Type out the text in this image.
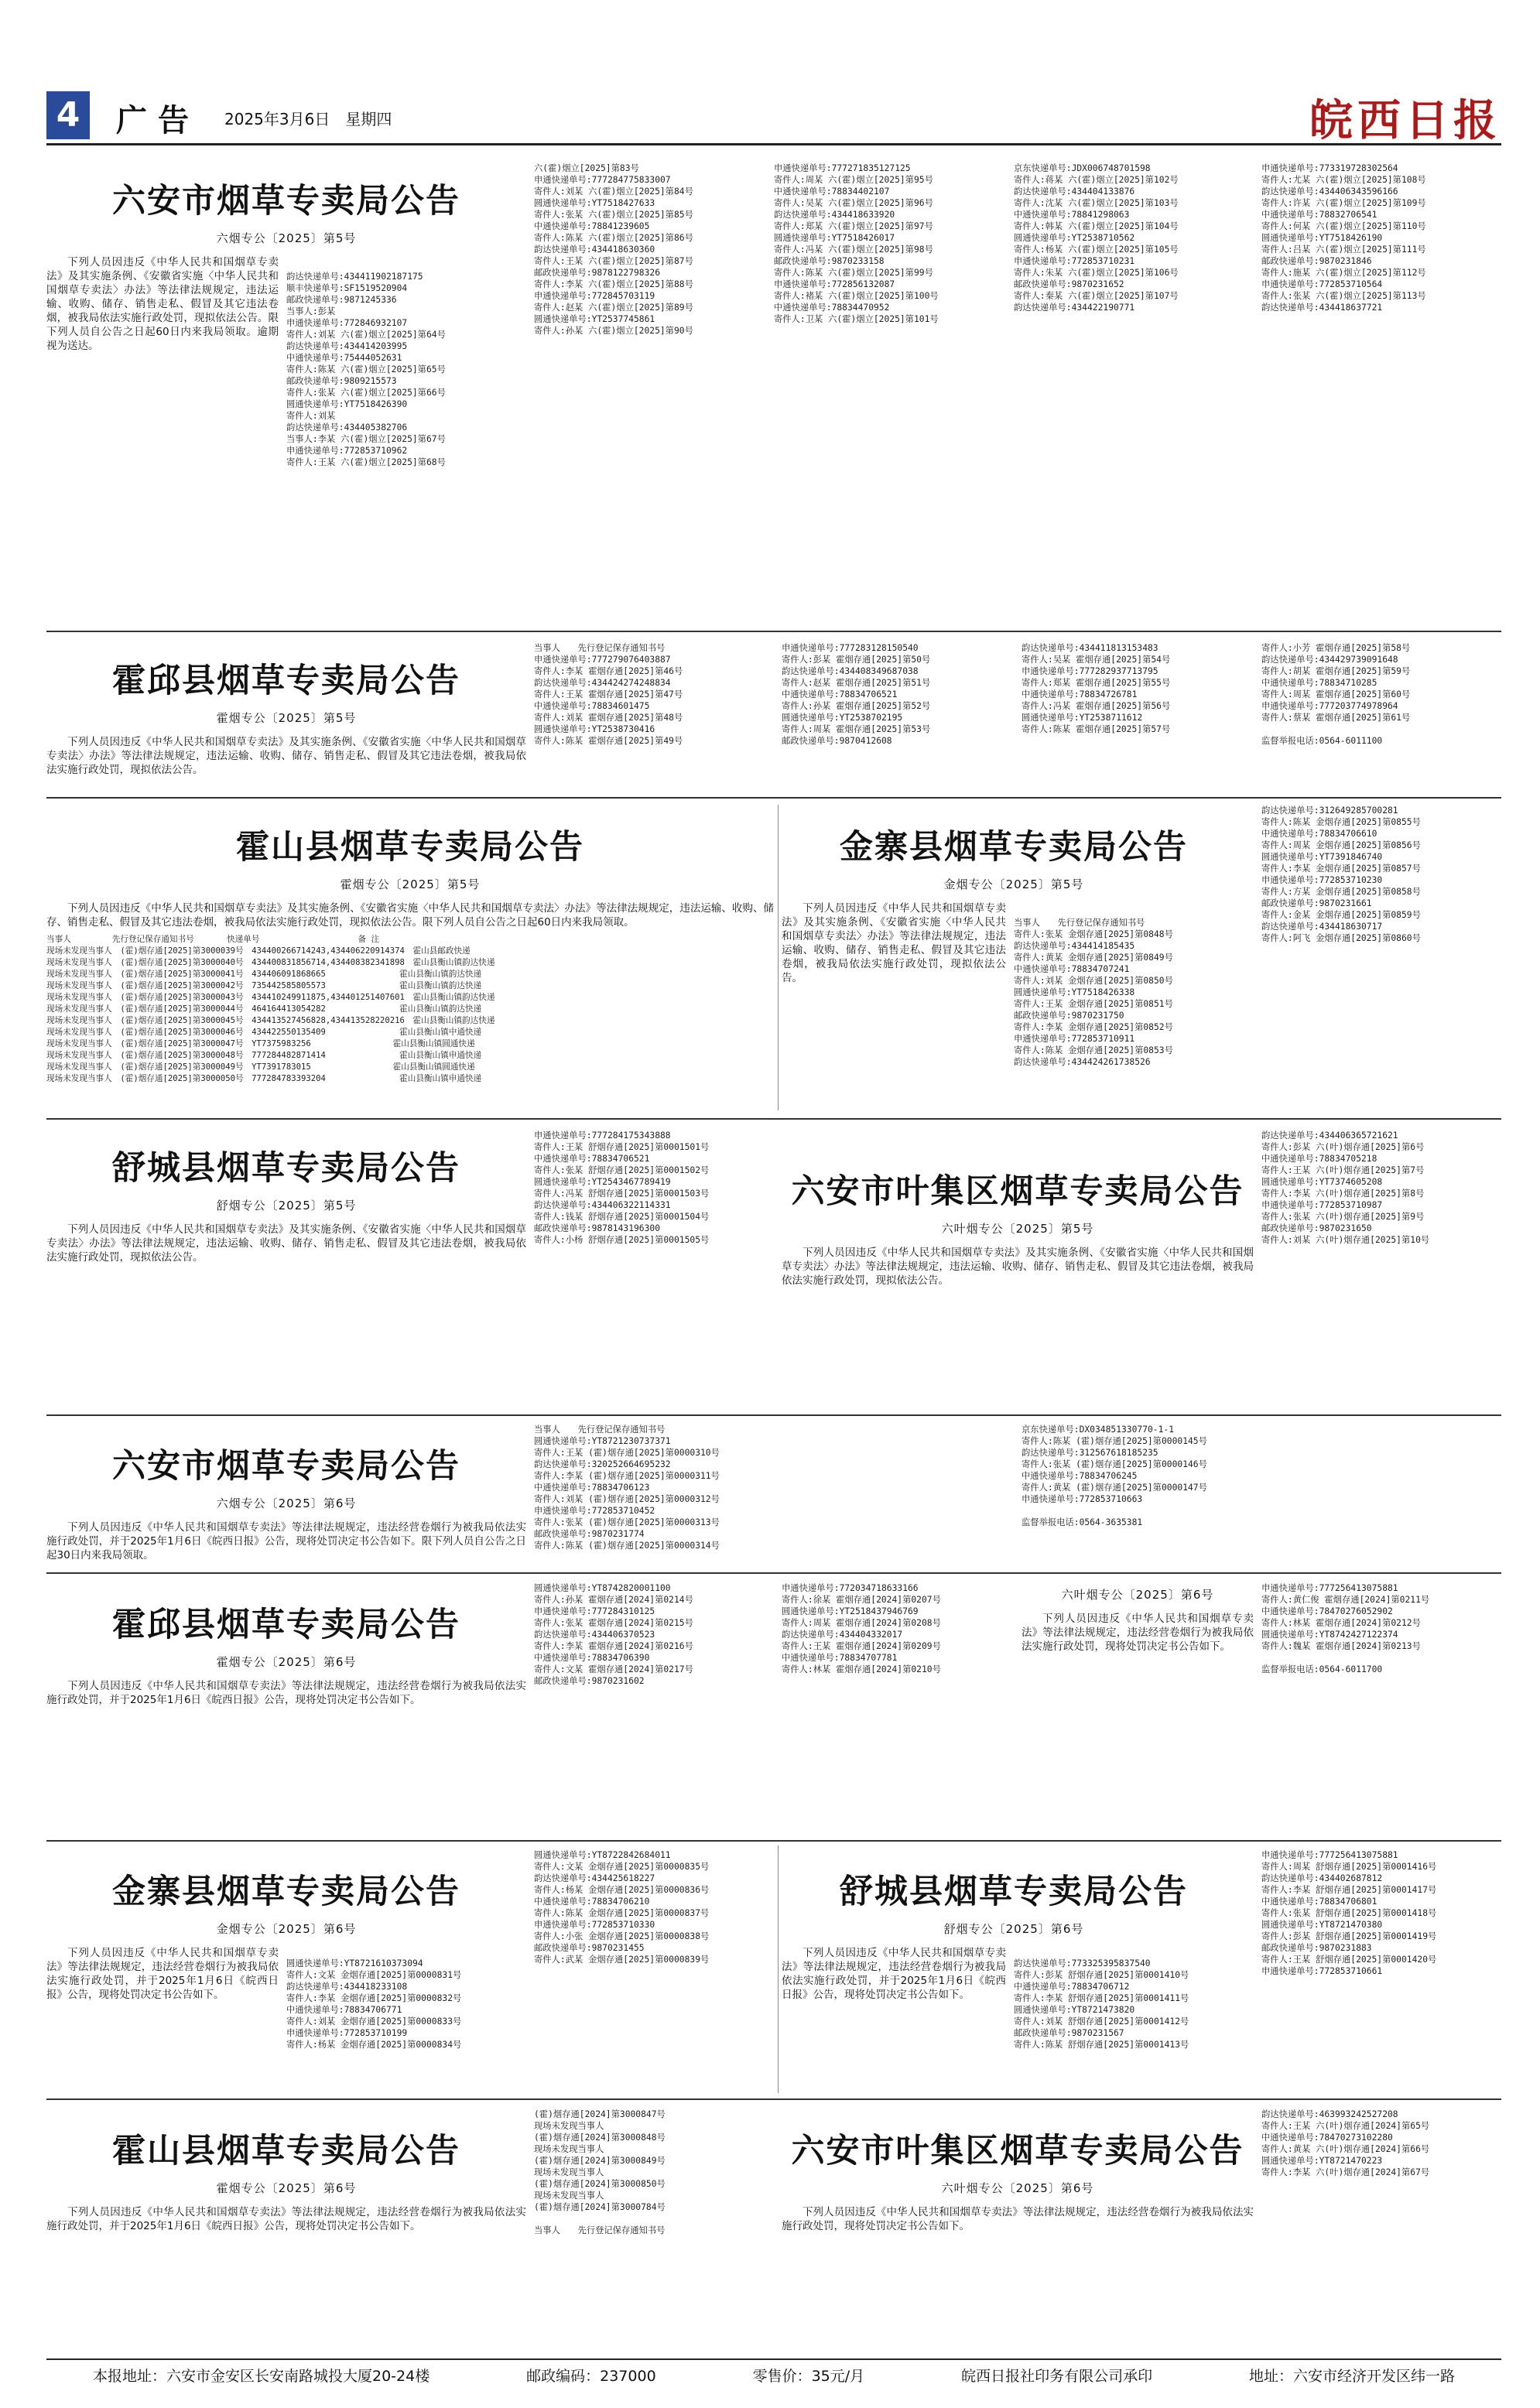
4	广告 2025年3月6日　星期四	皖西日报
六安市烟草专卖局公告
六烟专公〔2025〕第5号
下列人员因违反《中华人民共和国烟草专卖法》及其实施条例、《安徽省实施〈中华人民共和国烟草专卖法〉办法》等法律法规规定，违法运输、收购、储存、销售走私、假冒及其它违法卷烟，被我局依法实施行政处罚，现拟依法公告。限下列人员自公告之日起60日内来我局领取。逾期视为送达。
韵达快递单号:434411902187175
顺丰快递单号:SF1519520904
邮政快递单号:9871245336
当事人:彭某
申通快递单号:772846932107
寄件人:刘某 六(霍)烟立[2025]第64号
韵达快递单号:434414203995
中通快递单号:75444052631
寄件人:陈某 六(霍)烟立[2025]第65号
邮政快递单号:9809215573
寄件人:张某 六(霍)烟立[2025]第66号
圆通快递单号:YT7518426390
寄件人:刘某
韵达快递单号:434405382706
当事人:李某 六(霍)烟立[2025]第67号
申通快递单号:772853710962
寄件人:王某 六(霍)烟立[2025]第68号
六(霍)烟立[2025]第83号
申通快递单号:777284775833007
寄件人:刘某 六(霍)烟立[2025]第84号
圆通快递单号:YT7518427633
寄件人:张某 六(霍)烟立[2025]第85号
中通快递单号:78841239605
寄件人:陈某 六(霍)烟立[2025]第86号
韵达快递单号:434418630360
寄件人:王某 六(霍)烟立[2025]第87号
邮政快递单号:9878122798326
寄件人:李某 六(霍)烟立[2025]第88号
申通快递单号:772845703119
寄件人:赵某 六(霍)烟立[2025]第89号
圆通快递单号:YT2537745861
寄件人:孙某 六(霍)烟立[2025]第90号
申通快递单号:777271835127125
寄件人:周某 六(霍)烟立[2025]第95号
中通快递单号:78834402107
寄件人:吴某 六(霍)烟立[2025]第96号
韵达快递单号:434418633920
寄件人:郑某 六(霍)烟立[2025]第97号
圆通快递单号:YT7518426017
寄件人:冯某 六(霍)烟立[2025]第98号
邮政快递单号:9870233158
寄件人:陈某 六(霍)烟立[2025]第99号
申通快递单号:772856132087
寄件人:褚某 六(霍)烟立[2025]第100号
中通快递单号:78834470952
寄件人:卫某 六(霍)烟立[2025]第101号
京东快递单号:JDX006748701598
寄件人:蒋某 六(霍)烟立[2025]第102号
韵达快递单号:434404133876
寄件人:沈某 六(霍)烟立[2025]第103号
中通快递单号:78841298063
寄件人:韩某 六(霍)烟立[2025]第104号
圆通快递单号:YT2538710562
寄件人:杨某 六(霍)烟立[2025]第105号
申通快递单号:772853710231
寄件人:朱某 六(霍)烟立[2025]第106号
邮政快递单号:9870231652
寄件人:秦某 六(霍)烟立[2025]第107号
韵达快递单号:434422190771
申通快递单号:773319728302564
寄件人:尤某 六(霍)烟立[2025]第108号
韵达快递单号:434406343596166
寄件人:许某 六(霍)烟立[2025]第109号
中通快递单号:78832706541
寄件人:何某 六(霍)烟立[2025]第110号
圆通快递单号:YT7518426190
寄件人:吕某 六(霍)烟立[2025]第111号
邮政快递单号:9870231846
寄件人:施某 六(霍)烟立[2025]第112号
申通快递单号:772853710564
寄件人:张某 六(霍)烟立[2025]第113号
韵达快递单号:434418637721
霍邱县烟草专卖局公告
霍烟专公〔2025〕第5号
下列人员因违反《中华人民共和国烟草专卖法》及其实施条例、《安徽省实施〈中华人民共和国烟草专卖法〉办法》等法律法规规定，违法运输、收购、储存、销售走私、假冒及其它违法卷烟，被我局依法实施行政处罚，现拟依法公告。
当事人　　先行登记保存通知书号
申通快递单号:777279076403887
寄件人:李某 霍烟存通[2025]第46号
韵达快递单号:434424274248834
寄件人:王某 霍烟存通[2025]第47号
中通快递单号:78834601475
寄件人:刘某 霍烟存通[2025]第48号
圆通快递单号:YT2538730416
寄件人:陈某 霍烟存通[2025]第49号
申通快递单号:777283128150540
寄件人:彭某 霍烟存通[2025]第50号
韵达快递单号:434408349687038
寄件人:赵某 霍烟存通[2025]第51号
中通快递单号:78834706521
寄件人:孙某 霍烟存通[2025]第52号
圆通快递单号:YT2538702195
寄件人:周某 霍烟存通[2025]第53号
邮政快递单号:9870412608
韵达快递单号:434411813153483
寄件人:吴某 霍烟存通[2025]第54号
申通快递单号:777282937713795
寄件人:郑某 霍烟存通[2025]第55号
中通快递单号:78834726781
寄件人:冯某 霍烟存通[2025]第56号
圆通快递单号:YT2538711612
寄件人:陈某 霍烟存通[2025]第57号
寄件人:小芳 霍烟存通[2025]第58号
韵达快递单号:434429739091648
寄件人:胡某 霍烟存通[2025]第59号
中通快递单号:78834710285
寄件人:周某 霍烟存通[2025]第60号
申通快递单号:777203774978964
寄件人:蔡某 霍烟存通[2025]第61号

监督举报电话:0564-6011100
霍山县烟草专卖局公告
霍烟专公〔2025〕第5号
下列人员因违反《中华人民共和国烟草专卖法》及其实施条例、《安徽省实施〈中华人民共和国烟草专卖法〉办法》等法律法规规定，违法运输、收购、储存、销售走私、假冒及其它违法卷烟，被我局依法实施行政处罚，现拟依法公告。限下列人员自公告之日起60日内来我局领取。
当事人　　　　　先行登记保存通知书号　　　　快递单号　　　　　　　　　　　　备 注
现场未发现当事人　(霍)烟存通[2025]第3000039号　434400266714243,434406220914374　霍山县邮政快递
现场未发现当事人　(霍)烟存通[2025]第3000040号　434400831856714,434408382341898　霍山县衡山镇韵达快递
现场未发现当事人　(霍)烟存通[2025]第3000041号　434406091868665　　　　　　　　　霍山县衡山镇韵达快递
现场未发现当事人　(霍)烟存通[2025]第3000042号　735442585805573　　　　　　　　　霍山县衡山镇韵达快递
现场未发现当事人　(霍)烟存通[2025]第3000043号　434410249911875,434401251407601　霍山县衡山镇韵达快递
现场未发现当事人　(霍)烟存通[2025]第3000044号　464164413054282　　　　　　　　　霍山县衡山镇韵达快递
现场未发现当事人　(霍)烟存通[2025]第3000045号　434413527456828,434413528220216　霍山县衡山镇韵达快递
现场未发现当事人　(霍)烟存通[2025]第3000046号　434422550135409　　　　　　　　　霍山县衡山镇中通快递
现场未发现当事人　(霍)烟存通[2025]第3000047号　YT7375983256　　　　　　　　　　霍山县衡山镇圆通快递
现场未发现当事人　(霍)烟存通[2025]第3000048号　777284482871414　　　　　　　　　霍山县衡山镇申通快递
现场未发现当事人　(霍)烟存通[2025]第3000049号　YT7391783015　　　　　　　　　　霍山县衡山镇圆通快递
现场未发现当事人　(霍)烟存通[2025]第3000050号　777284783393204　　　　　　　　　霍山县衡山镇申通快递
金寨县烟草专卖局公告
金烟专公〔2025〕第5号
下列人员因违反《中华人民共和国烟草专卖法》及其实施条例、《安徽省实施〈中华人民共和国烟草专卖法〉办法》等法律法规规定，违法运输、收购、储存、销售走私、假冒及其它违法卷烟，被我局依法实施行政处罚，现拟依法公告。
当事人　　先行登记保存通知书号
寄件人:张某 金烟存通[2025]第0848号
韵达快递单号:434414185435
寄件人:黄某 金烟存通[2025]第0849号
中通快递单号:78834707241
寄件人:刘某 金烟存通[2025]第0850号
圆通快递单号:YT7518426338
寄件人:王某 金烟存通[2025]第0851号
邮政快递单号:9870231750
寄件人:李某 金烟存通[2025]第0852号
申通快递单号:772853710911
寄件人:陈某 金烟存通[2025]第0853号
韵达快递单号:434424261738526
韵达快递单号:312649285700281
寄件人:陈某 金烟存通[2025]第0855号
中通快递单号:78834706610
寄件人:周某 金烟存通[2025]第0856号
圆通快递单号:YT7391846740
寄件人:李某 金烟存通[2025]第0857号
申通快递单号:772853710230
寄件人:方某 金烟存通[2025]第0858号
邮政快递单号:9870231661
寄件人:金某 金烟存通[2025]第0859号
韵达快递单号:434418630717
寄件人:阿飞 金烟存通[2025]第0860号
舒城县烟草专卖局公告
舒烟专公〔2025〕第5号
下列人员因违反《中华人民共和国烟草专卖法》及其实施条例、《安徽省实施〈中华人民共和国烟草专卖法〉办法》等法律法规规定，违法运输、收购、储存、销售走私、假冒及其它违法卷烟，被我局依法实施行政处罚，现拟依法公告。
申通快递单号:777284175343888
寄件人:王某 舒烟存通[2025]第0001501号
中通快递单号:78834706521
寄件人:张某 舒烟存通[2025]第0001502号
圆通快递单号:YT2543467789419
寄件人:冯某 舒烟存通[2025]第0001503号
韵达快递单号:434406322114331
寄件人:钱某 舒烟存通[2025]第0001504号
邮政快递单号:9878143196300
寄件人:小杨 舒烟存通[2025]第0001505号
六安市叶集区烟草专卖局公告
六叶烟专公〔2025〕第5号
下列人员因违反《中华人民共和国烟草专卖法》及其实施条例、《安徽省实施〈中华人民共和国烟草专卖法〉办法》等法律法规规定，违法运输、收购、储存、销售走私、假冒及其它违法卷烟，被我局依法实施行政处罚，现拟依法公告。
韵达快递单号:434406365721621
寄件人:彭某 六(叶)烟存通[2025]第6号
中通快递单号:78834705218
寄件人:王某 六(叶)烟存通[2025]第7号
圆通快递单号:YT7374605208
寄件人:李某 六(叶)烟存通[2025]第8号
申通快递单号:772853710987
寄件人:张某 六(叶)烟存通[2025]第9号
邮政快递单号:9870231650
寄件人:刘某 六(叶)烟存通[2025]第10号
六安市烟草专卖局公告
六烟专公〔2025〕第6号
下列人员因违反《中华人民共和国烟草专卖法》等法律法规规定，违法经营卷烟行为被我局依法实施行政处罚，并于2025年1月6日《皖西日报》公告，现将处罚决定书公告如下。限下列人员自公告之日起30日内来我局领取。
当事人　　先行登记保存通知书号
圆通快递单号:YT8721230737371
寄件人:王某 (霍)烟存通[2025]第0000310号
韵达快递单号:320252664695232
寄件人:李某 (霍)烟存通[2025]第0000311号
中通快递单号:78834706123
寄件人:刘某 (霍)烟存通[2025]第0000312号
申通快递单号:772853710452
寄件人:张某 (霍)烟存通[2025]第0000313号
邮政快递单号:9870231774
寄件人:陈某 (霍)烟存通[2025]第0000314号
京东快递单号:DX034851330770-1-1
寄件人:陈某 (霍)烟存通[2025]第0000145号
韵达快递单号:312567618185235
寄件人:张某 (霍)烟存通[2025]第0000146号
中通快递单号:78834706245
寄件人:黄某 (霍)烟存通[2025]第0000147号
申通快递单号:772853710663

监督举报电话:0564-3635381
霍邱县烟草专卖局公告
霍烟专公〔2025〕第6号
下列人员因违反《中华人民共和国烟草专卖法》等法律法规规定，违法经营卷烟行为被我局依法实施行政处罚，并于2025年1月6日《皖西日报》公告，现将处罚决定书公告如下。
圆通快递单号:YT8742820001100
寄件人:孙某 霍烟存通[2024]第0214号
申通快递单号:777284310125
寄件人:张某 霍烟存通[2024]第0215号
韵达快递单号:434406370523
寄件人:李某 霍烟存通[2024]第0216号
中通快递单号:78834706390
寄件人:文某 霍烟存通[2024]第0217号
邮政快递单号:9870231602
申通快递单号:772034718633166
寄件人:徐某 霍烟存通[2024]第0207号
圆通快递单号:YT2518437946769
寄件人:周某 霍烟存通[2024]第0208号
韵达快递单号:434404332017
寄件人:王某 霍烟存通[2024]第0209号
中通快递单号:78834707781
寄件人:林某 霍烟存通[2024]第0210号
六叶烟专公〔2025〕第6号
下列人员因违反《中华人民共和国烟草专卖法》等法律法规规定，违法经营卷烟行为被我局依法实施行政处罚，现将处罚决定书公告如下。
申通快递单号:777256413075881
寄件人:黄仁俊 霍烟存通[2024]第0211号
中通快递单号:78470276052902
寄件人:林某 霍烟存通[2024]第0212号
圆通快递单号:YT8742427122374
寄件人:魏某 霍烟存通[2024]第0213号

监督举报电话:0564-6011700
金寨县烟草专卖局公告
金烟专公〔2025〕第6号
下列人员因违反《中华人民共和国烟草专卖法》等法律法规规定，违法经营卷烟行为被我局依法实施行政处罚，并于2025年1月6日《皖西日报》公告，现将处罚决定书公告如下。
圆通快递单号:YT8721610373094
寄件人:文某 金烟存通[2025]第0000831号
韵达快递单号:434418233108
寄件人:李某 金烟存通[2025]第0000832号
中通快递单号:78834706771
寄件人:刘某 金烟存通[2025]第0000833号
申通快递单号:772853710199
寄件人:杨某 金烟存通[2025]第0000834号
圆通快递单号:YT8722842684011
寄件人:文某 金烟存通[2025]第0000835号
韵达快递单号:434425618227
寄件人:杨某 金烟存通[2025]第0000836号
中通快递单号:78834706210
寄件人:陈某 金烟存通[2025]第0000837号
申通快递单号:772853710330
寄件人:小张 金烟存通[2025]第0000838号
邮政快递单号:9870231455
寄件人:武某 金烟存通[2025]第0000839号
舒城县烟草专卖局公告
舒烟专公〔2025〕第6号
下列人员因违反《中华人民共和国烟草专卖法》等法律法规规定，违法经营卷烟行为被我局依法实施行政处罚，并于2025年1月6日《皖西日报》公告，现将处罚决定书公告如下。
韵达快递单号:773325395837540
寄件人:彭某 舒烟存通[2025]第0001410号
中通快递单号:78834706712
寄件人:李某 舒烟存通[2025]第0001411号
圆通快递单号:YT8721473820
寄件人:刘某 舒烟存通[2025]第0001412号
邮政快递单号:9870231567
寄件人:陈某 舒烟存通[2025]第0001413号
申通快递单号:777256413075881
寄件人:周某 舒烟存通[2025]第0001416号
韵达快递单号:434402687812
寄件人:李某 舒烟存通[2025]第0001417号
中通快递单号:78834706801
寄件人:张某 舒烟存通[2025]第0001418号
圆通快递单号:YT8721470380
寄件人:彭某 舒烟存通[2025]第0001419号
邮政快递单号:9870231883
寄件人:王某 舒烟存通[2025]第0001420号
申通快递单号:772853710661
霍山县烟草专卖局公告
霍烟专公〔2025〕第6号
下列人员因违反《中华人民共和国烟草专卖法》等法律法规规定，违法经营卷烟行为被我局依法实施行政处罚，并于2025年1月6日《皖西日报》公告，现将处罚决定书公告如下。
(霍)烟存通[2024]第3000847号
现场未发现当事人
(霍)烟存通[2024]第3000848号
现场未发现当事人
(霍)烟存通[2024]第3000849号
现场未发现当事人
(霍)烟存通[2024]第3000850号
现场未发现当事人
(霍)烟存通[2024]第3000784号

当事人　　先行登记保存通知书号
六安市叶集区烟草专卖局公告
六叶烟专公〔2025〕第6号
下列人员因违反《中华人民共和国烟草专卖法》等法律法规规定，违法经营卷烟行为被我局依法实施行政处罚，现将处罚决定书公告如下。
韵达快递单号:463993242527208
寄件人:王某 六(叶)烟存通[2024]第65号
中通快递单号:78470273102280
寄件人:黄某 六(叶)烟存通[2024]第66号
圆通快递单号:YT8721470223
寄件人:李某 六(叶)烟存通[2024]第67号
本报地址：六安市金安区长安南路城投大厦20-24楼	邮政编码：237000	零售价：35元/月	皖西日报社印务有限公司承印	地址：六安市经济开发区纬一路
